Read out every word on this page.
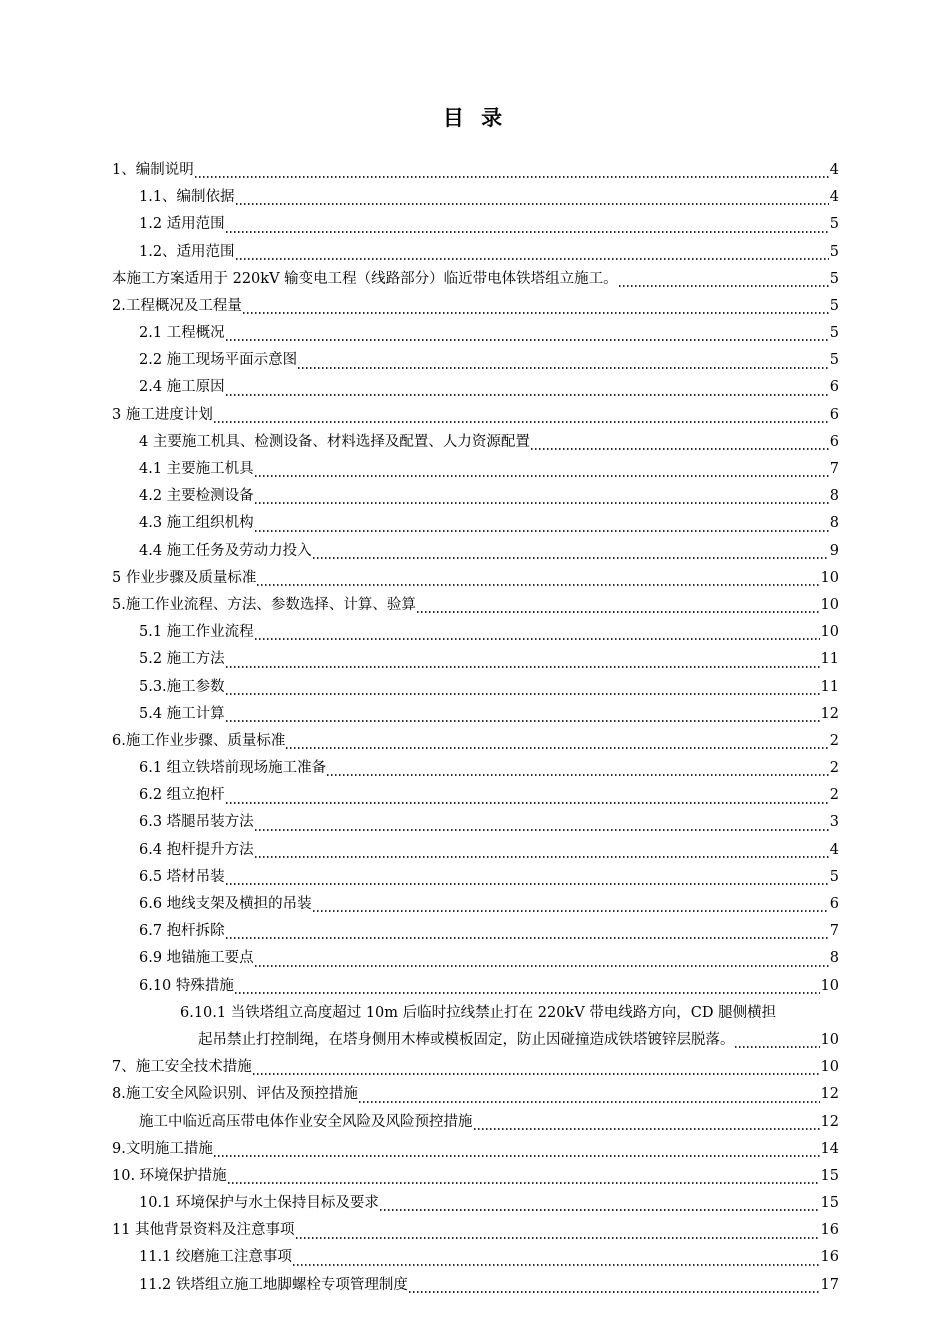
目 录
1、编制说明	4
1.1、编制依据	4
1.2 适用范围	5
1.2、适用范围	5
本施工方案适用于 220kV 输变电工程（线路部分）临近带电体铁塔组立施工。	5
2.工程概况及工程量	5
2.1 工程概况	5
2.2 施工现场平面示意图	5
2.4 施工原因	6
3 施工进度计划	6
4 主要施工机具、检测设备、材料选择及配置、人力资源配置	6
4.1 主要施工机具	7
4.2 主要检测设备	8
4.3 施工组织机构	8
4.4 施工任务及劳动力投入	9
5 作业步骤及质量标准	10
5.施工作业流程、方法、参数选择、计算、验算	10
5.1 施工作业流程	10
5.2 施工方法	11
5.3.施工参数	11
5.4 施工计算	12
6.施工作业步骤、质量标准	2
6.1 组立铁塔前现场施工准备	2
6.2 组立抱杆	2
6.3 塔腿吊装方法	3
6.4 抱杆提升方法	4
6.5 塔材吊装	5
6.6 地线支架及横担的吊装	6
6.7 抱杆拆除	7
6.9 地锚施工要点	8
6.10 特殊措施	10
6.10.1 当铁塔组立高度超过 10m 后临时拉线禁止打在 220kV 带电线路方向，CD 腿侧横担
起吊禁止打控制绳，在塔身侧用木棒或模板固定，防止因碰撞造成铁塔镀锌层脱落。	10
7、施工安全技术措施	10
8.施工安全风险识别、评估及预控措施	12
施工中临近高压带电体作业安全风险及风险预控措施	12
9.文明施工措施	14
10. 环境保护措施	15
10.1 环境保护与水土保持目标及要求	15
11 其他背景资料及注意事项	16
11.1 绞磨施工注意事项	16
11.2 铁塔组立施工地脚螺栓专项管理制度	17
